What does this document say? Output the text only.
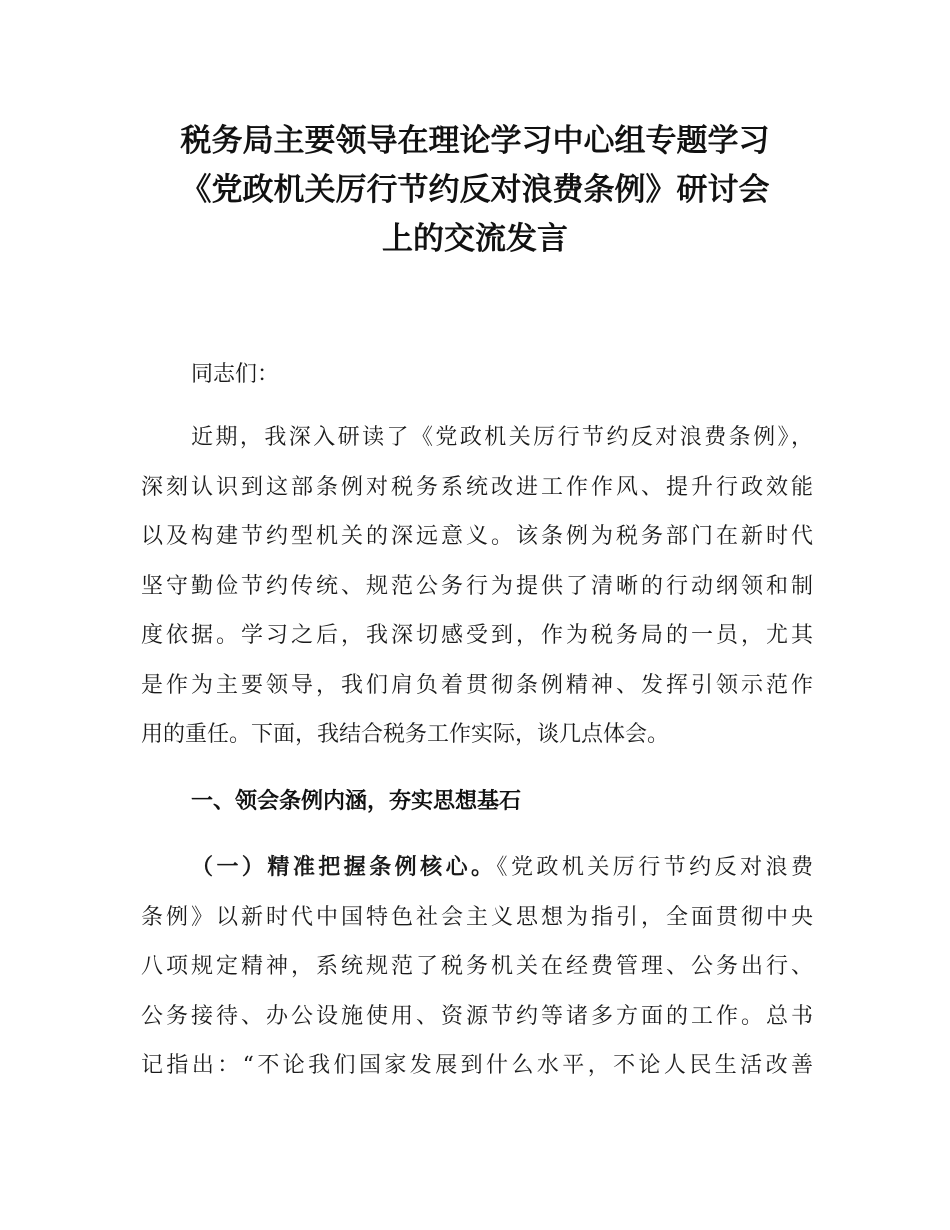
税务局主要领导在理论学习中心组专题学习
《党政机关厉行节约反对浪费条例》研讨会
上的交流发言
同志们：
近期，我深入研读了《党政机关厉行节约反对浪费条例》，
深刻认识到这部条例对税务系统改进工作作风、提升行政效能
以及构建节约型机关的深远意义。该条例为税务部门在新时代
坚守勤俭节约传统、规范公务行为提供了清晰的行动纲领和制
度依据。学习之后，我深切感受到，作为税务局的一员，尤其
是作为主要领导，我们肩负着贯彻条例精神、发挥引领示范作
用的重任。下面，我结合税务工作实际，谈几点体会。
一、领会条例内涵，夯实思想基石
（一）精准把握条例核心。《党政机关厉行节约反对浪费
条例》以新时代中国特色社会主义思想为指引，全面贯彻中央
八项规定精神，系统规范了税务机关在经费管理、公务出行、
公务接待、办公设施使用、资源节约等诸多方面的工作。总书
记指出：“不论我们国家发展到什么水平，不论人民生活改善
